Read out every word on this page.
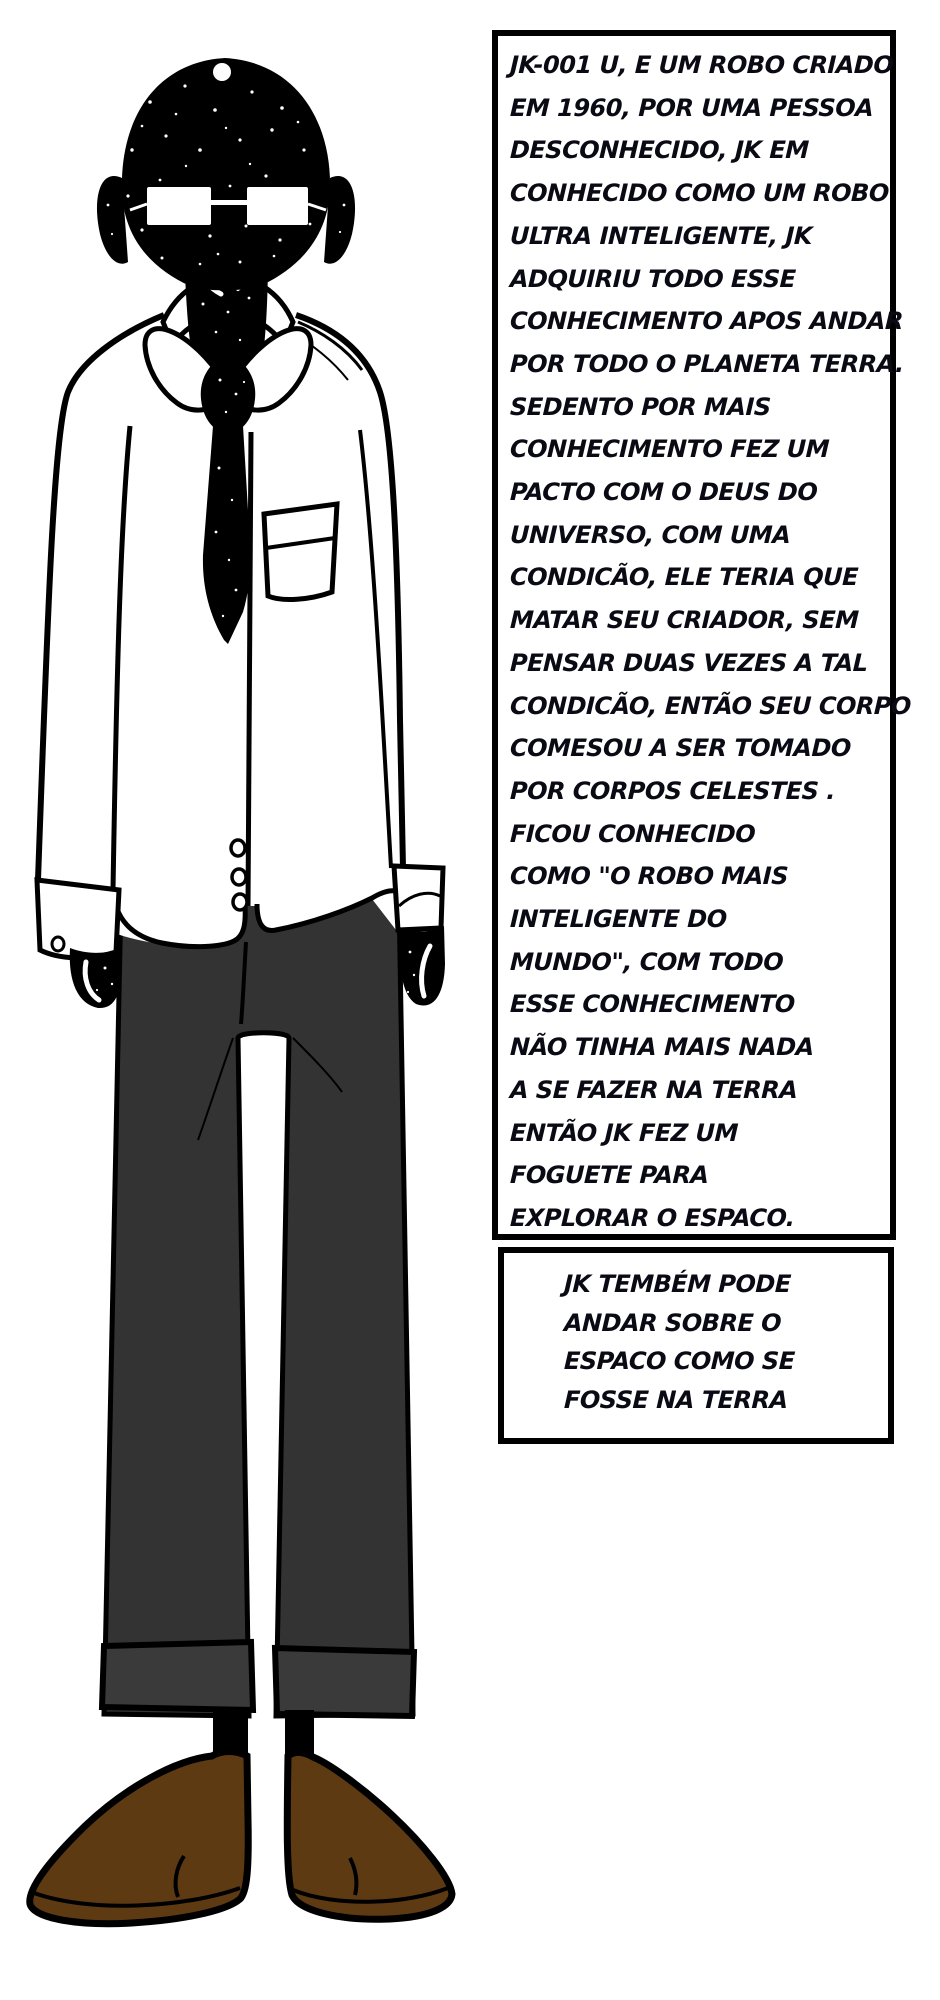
JK-001 U, E UM ROBO CRIADO
EM 1960, POR UMA PESSOA
DESCONHECIDO, JK EM
CONHECIDO COMO UM ROBO
ULTRA INTELIGENTE, JK
ADQUIRIU TODO ESSE
CONHECIMENTO APOS ANDAR
POR TODO O PLANETA TERRA.
SEDENTO POR MAIS
CONHECIMENTO FEZ UM
PACTO COM O DEUS DO
UNIVERSO, COM UMA
CONDICÃO, ELE TERIA QUE
MATAR SEU CRIADOR, SEM
PENSAR DUAS VEZES A TAL
CONDICÃO, ENTÃO SEU CORPO
COMESOU A SER TOMADO
POR CORPOS CELESTES .
FICOU CONHECIDO
COMO "O ROBO MAIS
INTELIGENTE DO
MUNDO", COM TODO
ESSE CONHECIMENTO
NÃO TINHA MAIS NADA
A SE FAZER NA TERRA
ENTÃO JK FEZ UM
FOGUETE PARA
EXPLORAR O ESPACO.
JK TEMBÉM PODE
ANDAR SOBRE O
ESPACO COMO SE
FOSSE NA TERRA
